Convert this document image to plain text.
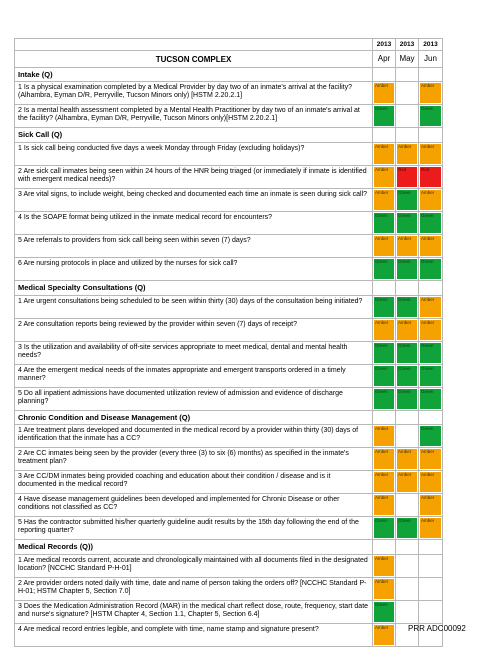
	2013	2013	2013
TUCSON COMPLEX	Apr	May	Jun
Intake (Q)			
1 Is a physical examination completed by a Medical Provider by day two of an inmate's arrival at the facility? (Alhambra, Eyman D/R, Perryville, Tucson Minors only) [HSTM 2.20.2.1]	Amber		Amber

2 Is a mental health assessment completed by a Mental Health Practitioner by day two of an inmate's arrival at the facility? (Alhambra, Eyman D/R, Perryville, Tucson Minors only)[HSTM 2.20.2.1]	Green		Green

Sick Call (Q)			
1 Is sick call being conducted five days a week Monday through Friday (excluding holidays)?	Amber	Amber	Amber

2 Are sick call inmates being seen within 24 hours of the HNR being triaged (or immediately if inmate is identified with emergent medical needs)?	Amber	Red	Red

3 Are vital signs, to include weight, being checked and documented each time an inmate is seen during sick call?	Amber	Green	Amber

4 Is the SOAPE format being utilized in the inmate medical record for encounters?	Green	Green	Green

5 Are referrals to providers from sick call being seen within seven (7) days?	Amber	Amber	Amber

6 Are nursing protocols in place and utilized by the nurses for sick call?	Green	Green	Green

Medical Specialty Consultations (Q)			
1 Are urgent consultations being scheduled to be seen within thirty (30) days of the consultation being initiated?	Green	Green	Amber

2 Are consultation reports being reviewed by the provider within seven (7) days of receipt?	Amber	Amber	Amber

3 Is the utilization and availability of off-site services appropriate to meet medical, dental and mental health needs?	Green	Green	Green

4 Are the emergent medical needs of the inmates appropriate and emergent transports ordered in a timely manner?	Green	Green	Green

5 Do all inpatient admissions have documented utilization review of admission and evidence of discharge planning?	Green	Green	Green

Chronic Condition and Disease Management (Q)			
1 Are treatment plans developed and documented in the medical record by a provider within thirty (30) days of identification that the inmate has a CC?	Amber		Green

2 Are CC inmates being seen by the provider (every three (3) to six (6) months) as specified in the inmate's treatment plan?	Amber	Amber	Amber

3 Are CC/DM inmates being provided coaching and education about their condition / disease and is it documented in the medical record?	Amber	Amber	Amber

4 Have disease management guidelines been developed and implemented for Chronic Disease or other conditions not classified as CC?	Amber		Amber

5 Has the contractor submitted his/her quarterly guideline audit results by the 15th day following the end of the reporting quarter?	Green	Green	Amber

Medical Records (Q))			
1 Are medical records current, accurate and chronologically maintained with all documents filed in the designated location? [NCCHC Standard P-H-01]	Amber		

2 Are provider orders noted daily with time, date and name of person taking the orders off? [NCCHC Standard P-H-01; HSTM Chapter 5, Section 7.0]	Amber		

3 Does the Medication Administration Record (MAR) in the medical chart reflect dose, route, frequency, start date and nurse's signature? [HSTM Chapter 4, Section 1.1, Chapter 5, Section 6.4]	Green		

4 Are medical record entries legible, and complete with time, name stamp and signature present?	Amber		
			PRR ADC00092
